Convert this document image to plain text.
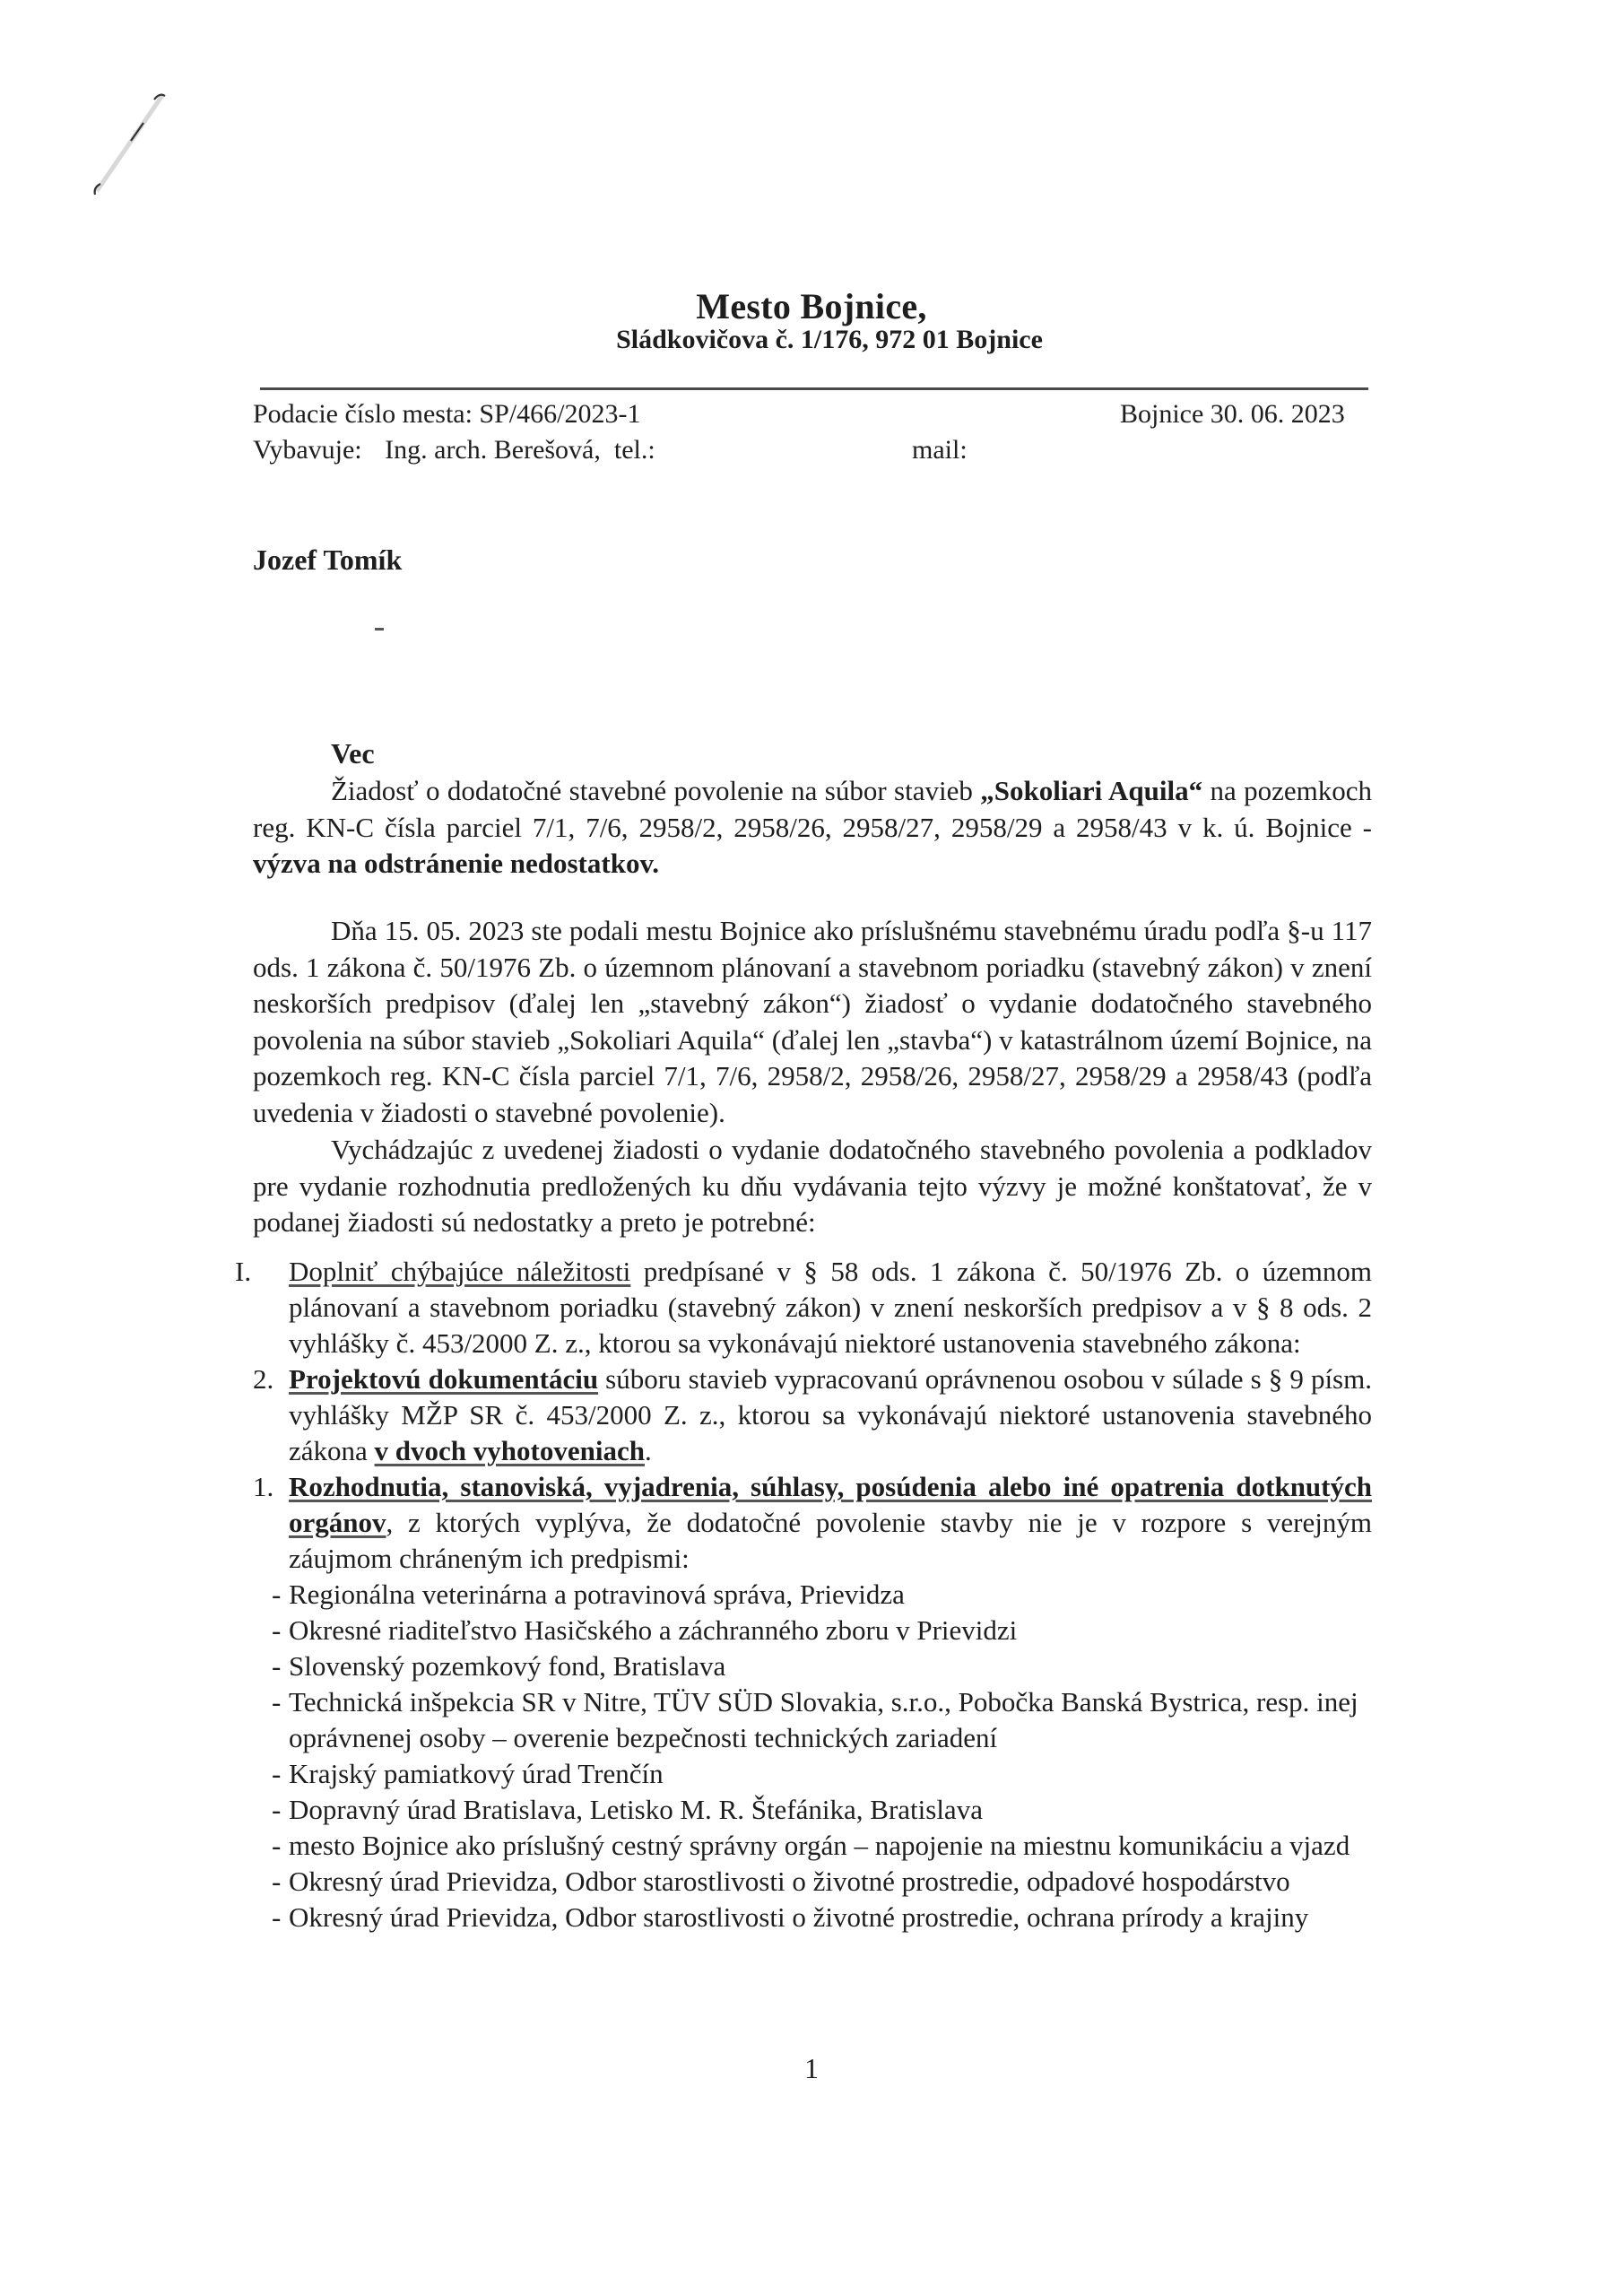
Mesto Bojnice,
Sládkovičova č. 1/176, 972 01 Bojnice
Podacie číslo mesta: SP/466/2023-1	Bojnice 30. 06. 2023
Vybavuje: Ing. arch. Berešová, tel.:	mail:
Jozef Tomík
Vec

Žiadosť o dodatočné stavebné povolenie na súbor stavieb „Sokoliari Aquila“ na pozemkoch reg. KN-C čísla parciel 7/1, 7/6, 2958/2, 2958/26, 2958/27, 2958/29 a 2958/43 v k. ú. Bojnice - výzva na odstránenie nedostatkov.

Dňa 15. 05. 2023 ste podali mestu Bojnice ako príslušnému stavebnému úradu podľa §-u 117 ods. 1 zákona č. 50/1976 Zb. o územnom plánovaní a stavebnom poriadku (stavebný zákon) v znení neskorších predpisov (ďalej len „stavebný zákon“) žiadosť o vydanie dodatočného stavebného povolenia na súbor stavieb „Sokoliari Aquila“ (ďalej len „stavba“) v katastrálnom území Bojnice, na pozemkoch reg. KN-C čísla parciel 7/1, 7/6, 2958/2, 2958/26, 2958/27, 2958/29 a 2958/43 (podľa uvedenia v žiadosti o stavebné povolenie).

Vychádzajúc z uvedenej žiadosti o vydanie dodatočného stavebného povolenia a podkladov pre vydanie rozhodnutia predložených ku dňu vydávania tejto výzvy je možné konštatovať, že v podanej žiadosti sú nedostatky a preto je potrebné:

I. Doplniť chýbajúce náležitosti predpísané v § 58 ods. 1 zákona č. 50/1976 Zb. o územnom plánovaní a stavebnom poriadku (stavebný zákon) v znení neskorších predpisov a v § 8 ods. 2 vyhlášky č. 453/2000 Z. z., ktorou sa vykonávajú niektoré ustanovenia stavebného zákona:
2. Projektovú dokumentáciu súboru stavieb vypracovanú oprávnenou osobou v súlade s § 9 písm. vyhlášky MŽP SR č. 453/2000 Z. z., ktorou sa vykonávajú niektoré ustanovenia stavebného zákona v dvoch vyhotoveniach.
1. Rozhodnutia, stanoviská, vyjadrenia, súhlasy, posúdenia alebo iné opatrenia dotknutých orgánov, z ktorých vyplýva, že dodatočné povolenie stavby nie je v rozpore s verejným záujmom chráneným ich predpismi:
- Regionálna veterinárna a potravinová správa, Prievidza
- Okresné riaditeľstvo Hasičského a záchranného zboru v Prievidzi
- Slovenský pozemkový fond, Bratislava
- Technická inšpekcia SR v Nitre, TÜV SÜD Slovakia, s.r.o., Pobočka Banská Bystrica, resp. inej oprávnenej osoby – overenie bezpečnosti technických zariadení
- Krajský pamiatkový úrad Trenčín
- Dopravný úrad Bratislava, Letisko M. R. Štefánika, Bratislava
- mesto Bojnice ako príslušný cestný správny orgán – napojenie na miestnu komunikáciu a vjazd
- Okresný úrad Prievidza, Odbor starostlivosti o životné prostredie, odpadové hospodárstvo
- Okresný úrad Prievidza, Odbor starostlivosti o životné prostredie, ochrana prírody a krajiny
1
